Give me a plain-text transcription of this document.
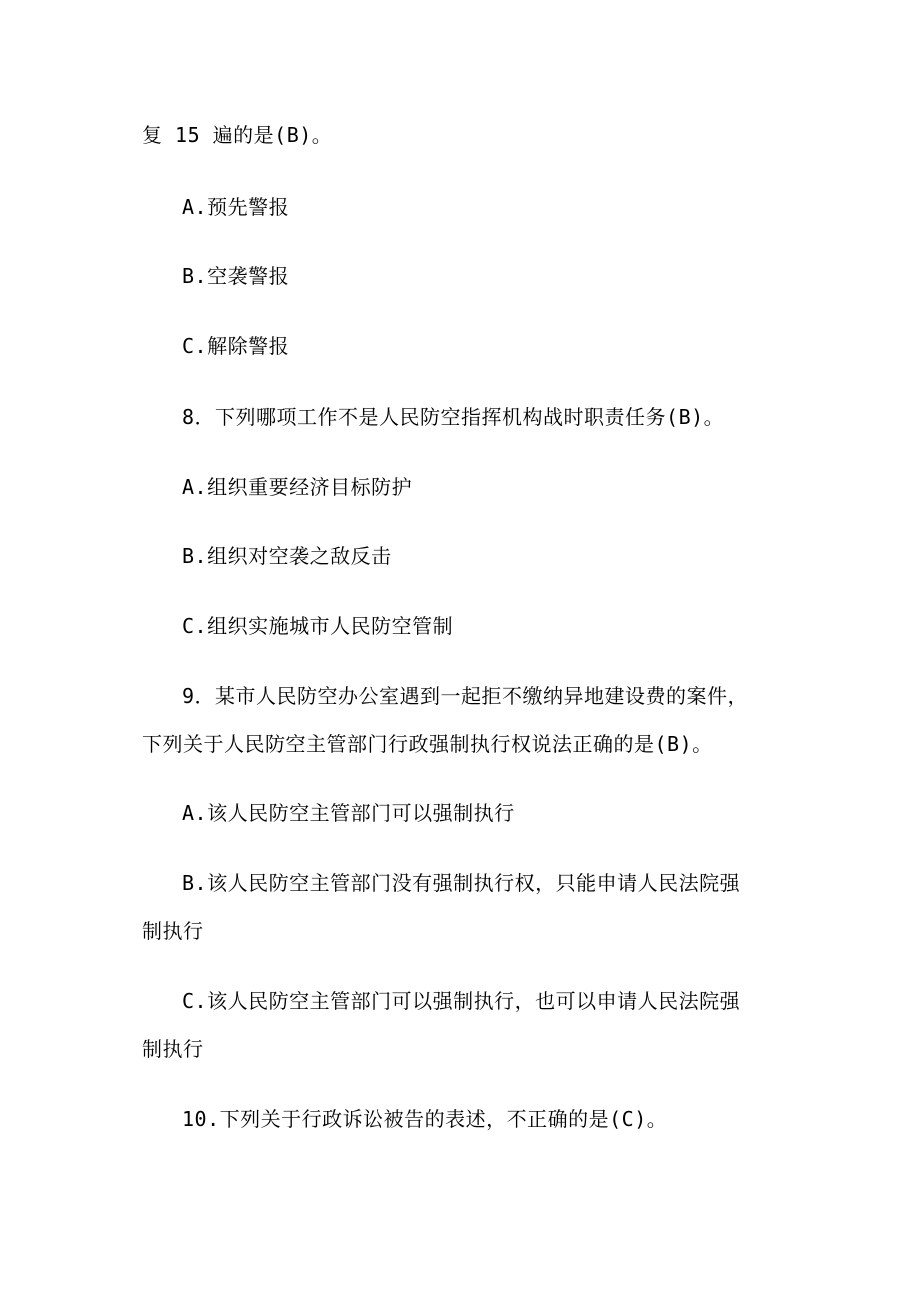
复 15 遍的是(B)。
A.预先警报
B.空袭警报
C.解除警报
8．下列哪项工作不是人民防空指挥机构战时职责任务(B)。
A.组织重要经济目标防护
B.组织对空袭之敌反击
C.组织实施城市人民防空管制
9．某市人民防空办公室遇到一起拒不缴纳异地建设费的案件，
下列关于人民防空主管部门行政强制执行权说法正确的是(B)。
A.该人民防空主管部门可以强制执行
B.该人民防空主管部门没有强制执行权，只能申请人民法院强
制执行
C.该人民防空主管部门可以强制执行，也可以申请人民法院强
制执行
10.下列关于行政诉讼被告的表述，不正确的是(C)。
